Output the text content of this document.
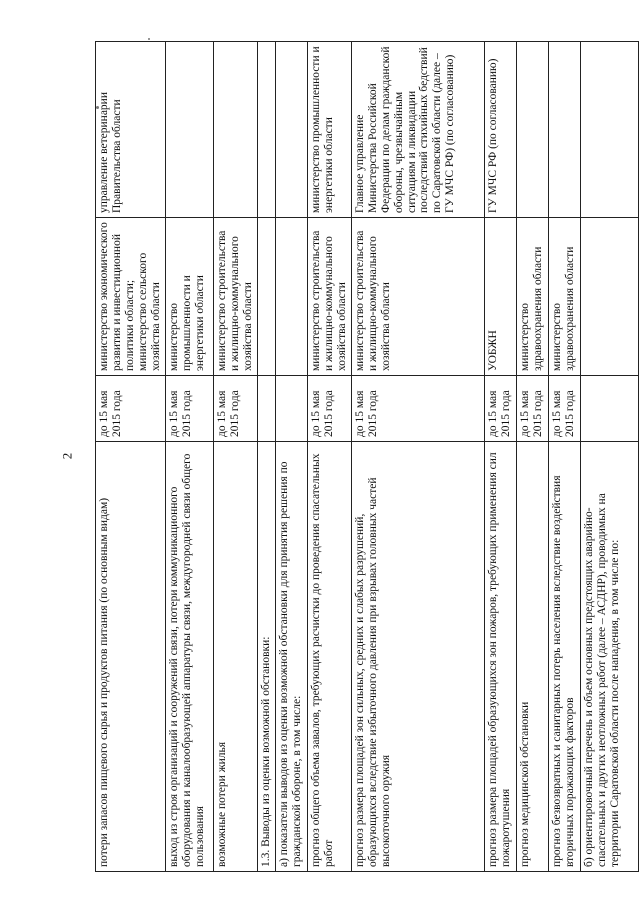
2
потери запасов пищевого сырья и продуктов питания (по основным видам)	до 15 мая 2015 года	министерство экономического развития и инвестиционной политики области; министерство сельского хозяйства области	управление ветеринарии Правительства области
выход из строя организаций и сооружений связи, потери коммуникационного оборудования и каналообразующей аппаратуры связи, междугородней связи общего пользования	до 15 мая 2015 года	министерство промышленности и энергетики области	
возможные потери жилья	до 15 мая 2015 года	министерство строительства и жилищно-коммунального хозяйства области	
1.3. Выводы из оценки возможной обстановки:			
а) показатели выводов из оценки возможной обстановки для принятия решения по гражданской обороне, в том числе:			
прогноз общего объема завалов, требующих расчистки до проведения спасательных работ	до 15 мая 2015 года	министерство строительства и жилищно-коммунального хозяйства области	министерство промышленности и энергетики области
прогноз размера площадей зон сильных, средних и слабых разрушений, образующихся вследствие избыточного давления при взрывах головных частей высокоточного оружия	до 15 мая 2015 года	министерство строительства и жилищно-коммунального хозяйства области	Главное управление Министерства Российской Федерации по делам гражданской обороны, чрезвычайным ситуациям и ликвидации последствий стихийных бедствий по Саратовской области (далее – ГУ МЧС РФ) (по согласованию)
прогноз размера площадей образующихся зон пожаров, требующих применения сил пожаротушения	до 15 мая 2015 года	УОБЖН	ГУ МЧС РФ (по согласованию)
прогноз медицинской обстановки	до 15 мая 2015 года	министерство здравоохранения области	
прогноз безвозвратных и санитарных потерь населения вследствие воздействия вторичных поражающих факторов	до 15 мая 2015 года	министерство здравоохранения области	
б) ориентировочный перечень и объем основных предстоящих аварийно-спасательных и других неотложных работ (далее – АСДНР), проводимых на территории Саратовской области после нападения, в том числе по:			
